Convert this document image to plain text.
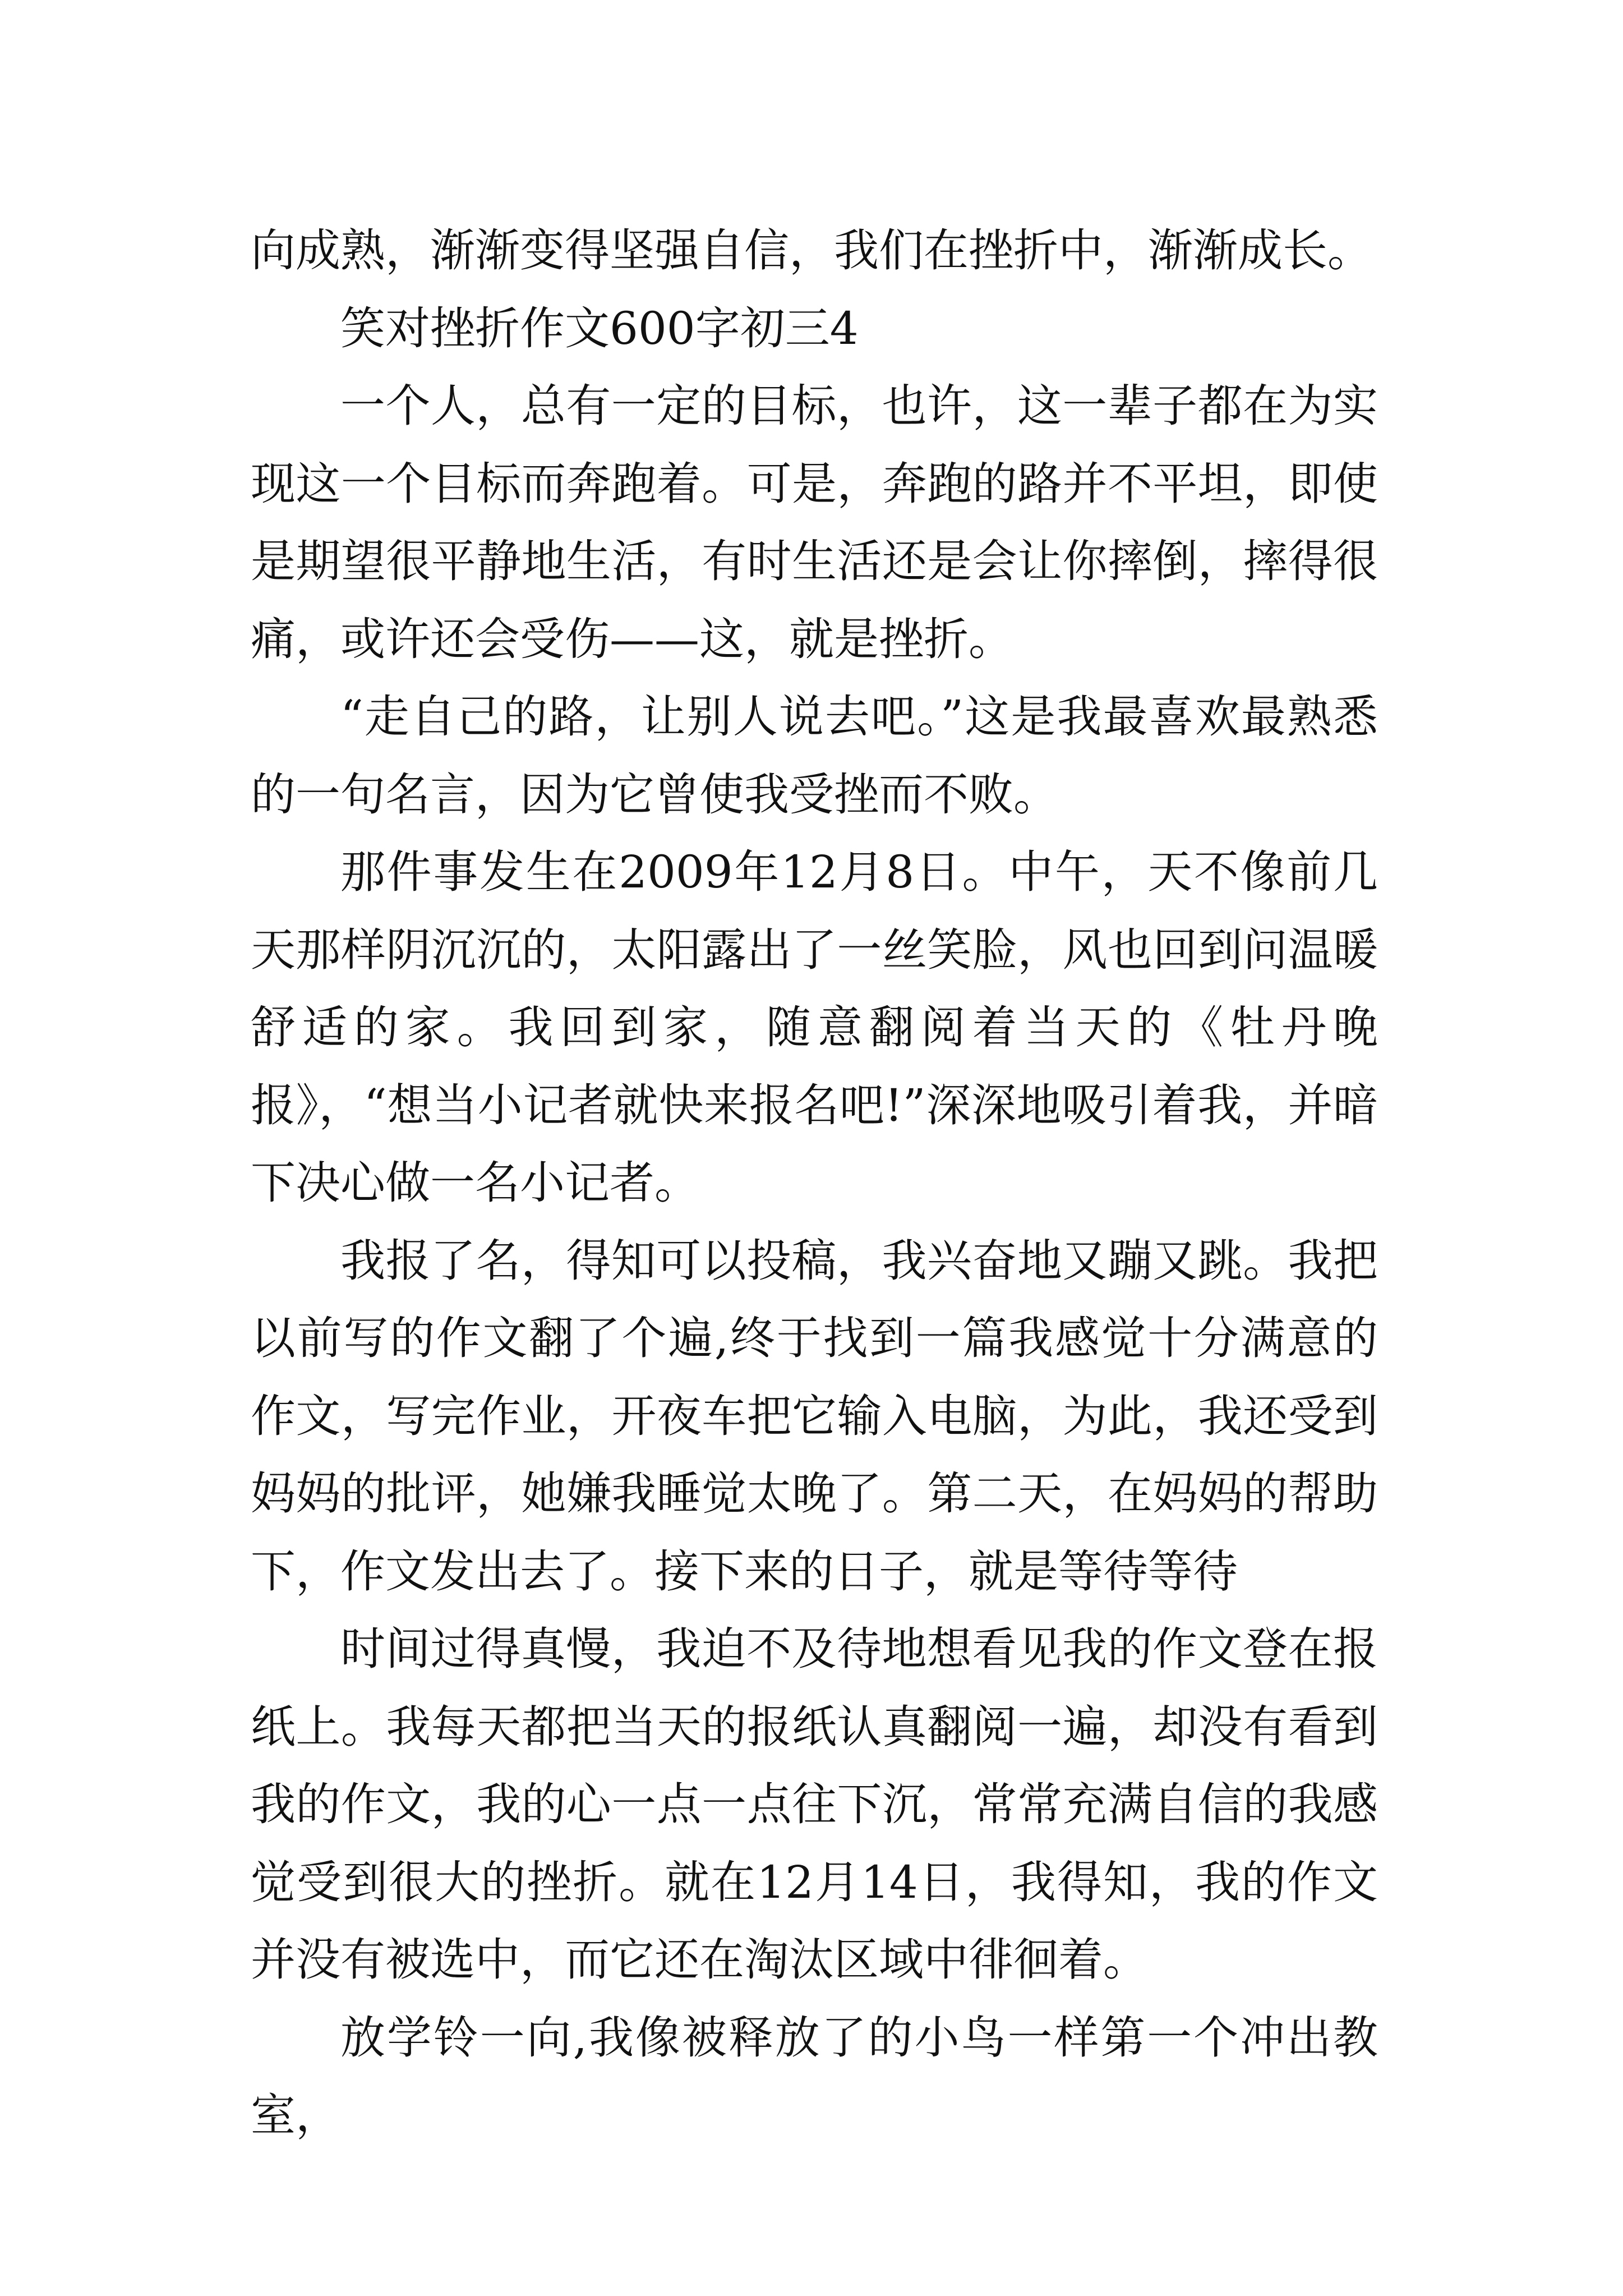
向成熟，渐渐变得坚强自信，我们在挫折中，渐渐成长。

笑对挫折作文600字初三4

一个人，总有一定的目标，也许，这一辈子都在为实现这一个目标而奔跑着。可是，奔跑的路并不平坦，即使是期望很平静地生活，有时生活还是会让你摔倒，摔得很痛，或许还会受伤——这，就是挫折。

“走自己的路，让别人说去吧。”这是我最喜欢最熟悉的一句名言，因为它曾使我受挫而不败。

那件事发生在2009年12月8日。中午，天不像前几天那样阴沉沉的，太阳露出了一丝笑脸，风也回到问温暖舒适的家。我回到家，随意翻阅着当天的《牡丹晚报》，“想当小记者就快来报名吧!”深深地吸引着我，并暗下决心做一名小记者。

我报了名，得知可以投稿，我兴奋地又蹦又跳。我把以前写的作文翻了个遍,终于找到一篇我感觉十分满意的作文，写完作业，开夜车把它输入电脑，为此，我还受到妈妈的批评，她嫌我睡觉太晚了。第二天，在妈妈的帮助下，作文发出去了。接下来的日子，就是等待等待

时间过得真慢，我迫不及待地想看见我的作文登在报纸上。我每天都把当天的报纸认真翻阅一遍，却没有看到我的作文，我的心一点一点往下沉，常常充满自信的我感觉受到很大的挫折。就在12月14日，我得知，我的作文并没有被选中，而它还在淘汰区域中徘徊着。

放学铃一向,我像被释放了的小鸟一样第一个冲出教室，
